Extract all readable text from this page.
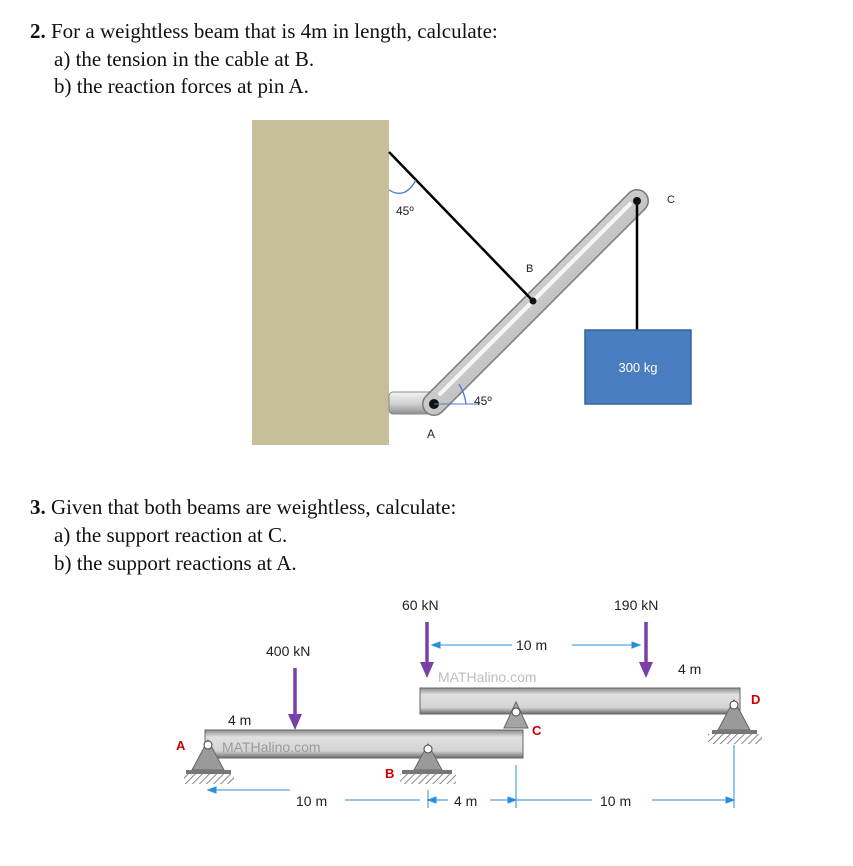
2. For a weightless beam that is 4m in length, calculate:
a) the tension in the cable at B.
b) the reaction forces at pin A.
45º
45º
A
B
C
300 kg
3. Given that both beams are weightless, calculate:
a) the support reaction at C.
b) the support reactions at A.
MATHalino.com
MATHalino.com
60 kN	190 kN
400 kN	10 m
4 m
4 m
10 m	4 m	10 m
A
B
C
D
